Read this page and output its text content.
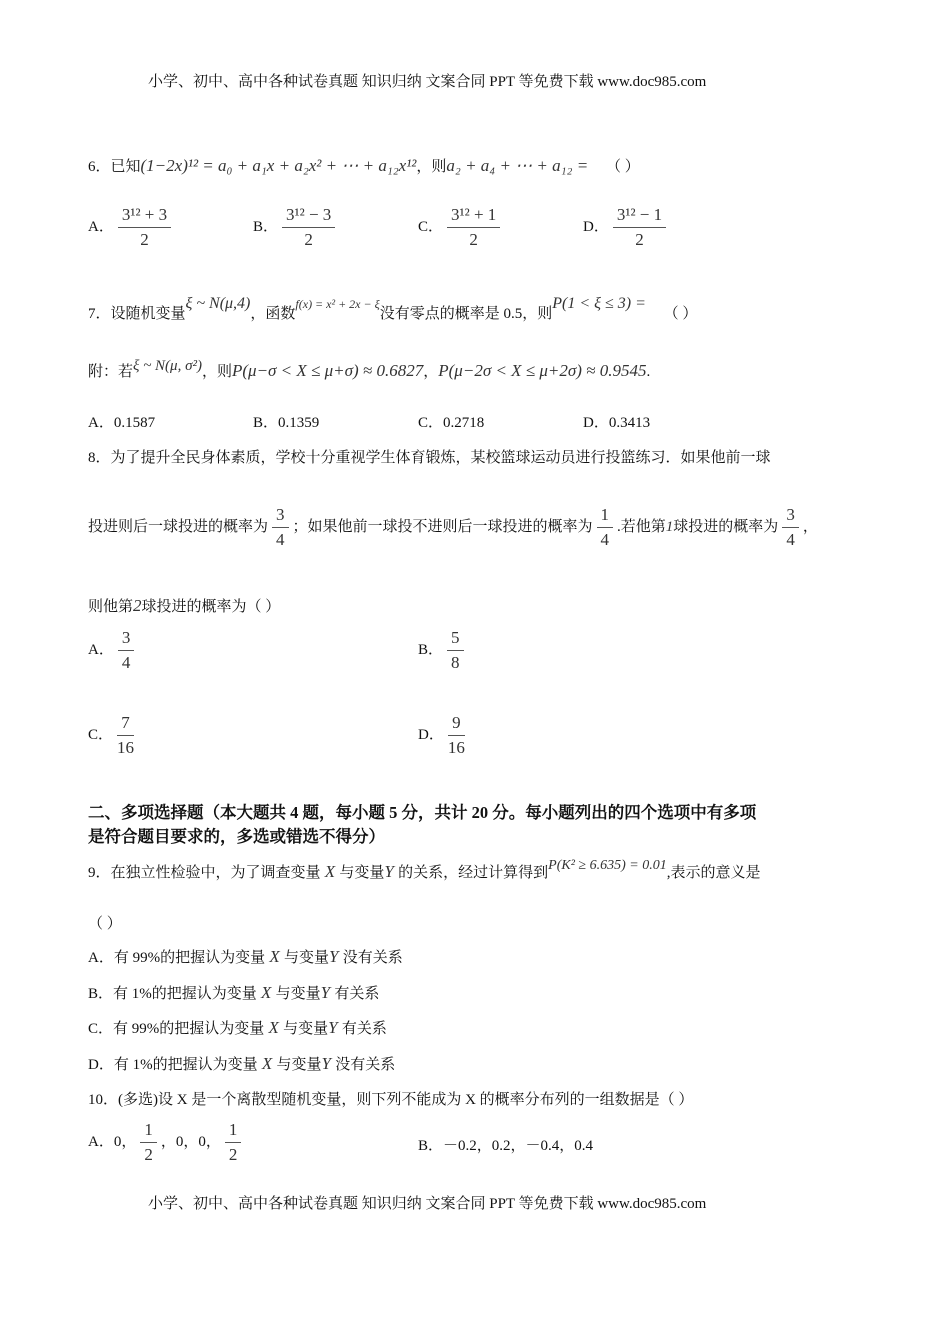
小学、初中、高中各种试卷真题 知识归纳 文案合同 PPT 等免费下载 www.doc985.com
6．已知(1−2x)¹² = a₀ + a₁x + a₂x² + ⋯ + a₁₂x¹²，则a₂ + a₄ + ⋯ + a₁₂ = （ ）
A． $\frac{\text{3¹² + 3}}{2}$	B． $\frac{\text{3¹² − 3}}{2}$	C． $\frac{\text{3¹² + 1}}{2}$	D． $\frac{\text{3¹² − 1}}{2}$
7．设随机变量ξ ~ N(μ,4)，函数$^{f(x) = x^2 + 2x - \xi}$没有零点的概率是 0.5，则P(1 < ξ ≤ 3) = （ ）
附：若ξ ~ N(μ, σ²)，则P(μ−σ < X ≤ μ+σ) ≈ 0.6827，P(μ−2σ < X ≤ μ+2σ) ≈ 0.9545.
A．0.1587	B．0.1359	C．0.2718	D．0.3413
8．为了提升全民身体素质，学校十分重视学生体育锻炼，某校篮球运动员进行投篮练习．如果他前一球
投进则后一球投进的概率为 $\frac{3}{4}$ ；如果他前一球投不进则后一球投进的概率为 $\frac{1}{4}$ .若他第1球投进的概率为 $\frac{3}{4}$ ，
则他第2球投进的概率为（ ）
A． $\frac{3}{4}$	B． $\frac{5}{8}$
C． $\frac{7}{16}$	D． $\frac{9}{16}$
二、多项选择题（本大题共 4 题，每小题 5 分，共计 20 分。每小题列出的四个选项中有多项
是符合题目要求的，多选或错选不得分）
9．在独立性检验中，为了调查变量 X 与变量Y 的关系，经过计算得到P(K² ≥ 6.635) = 0.01,表示的意义是
（ ）
A．有 99%的把握认为变量 X 与变量Y 没有关系
B．有 1%的把握认为变量 X 与变量Y 有关系
C．有 99%的把握认为变量 X 与变量Y 有关系
D．有 1%的把握认为变量 X 与变量Y 没有关系
10．(多选)设 X 是一个离散型随机变量，则下列不能成为 X 的概率分布列的一组数据是（ ）
A．0， $\frac{1}{2}$ ，0，0， $\frac{1}{2}$	B．－0.2，0.2，－0.4，0.4
小学、初中、高中各种试卷真题 知识归纳 文案合同 PPT 等免费下载 www.doc985.com
